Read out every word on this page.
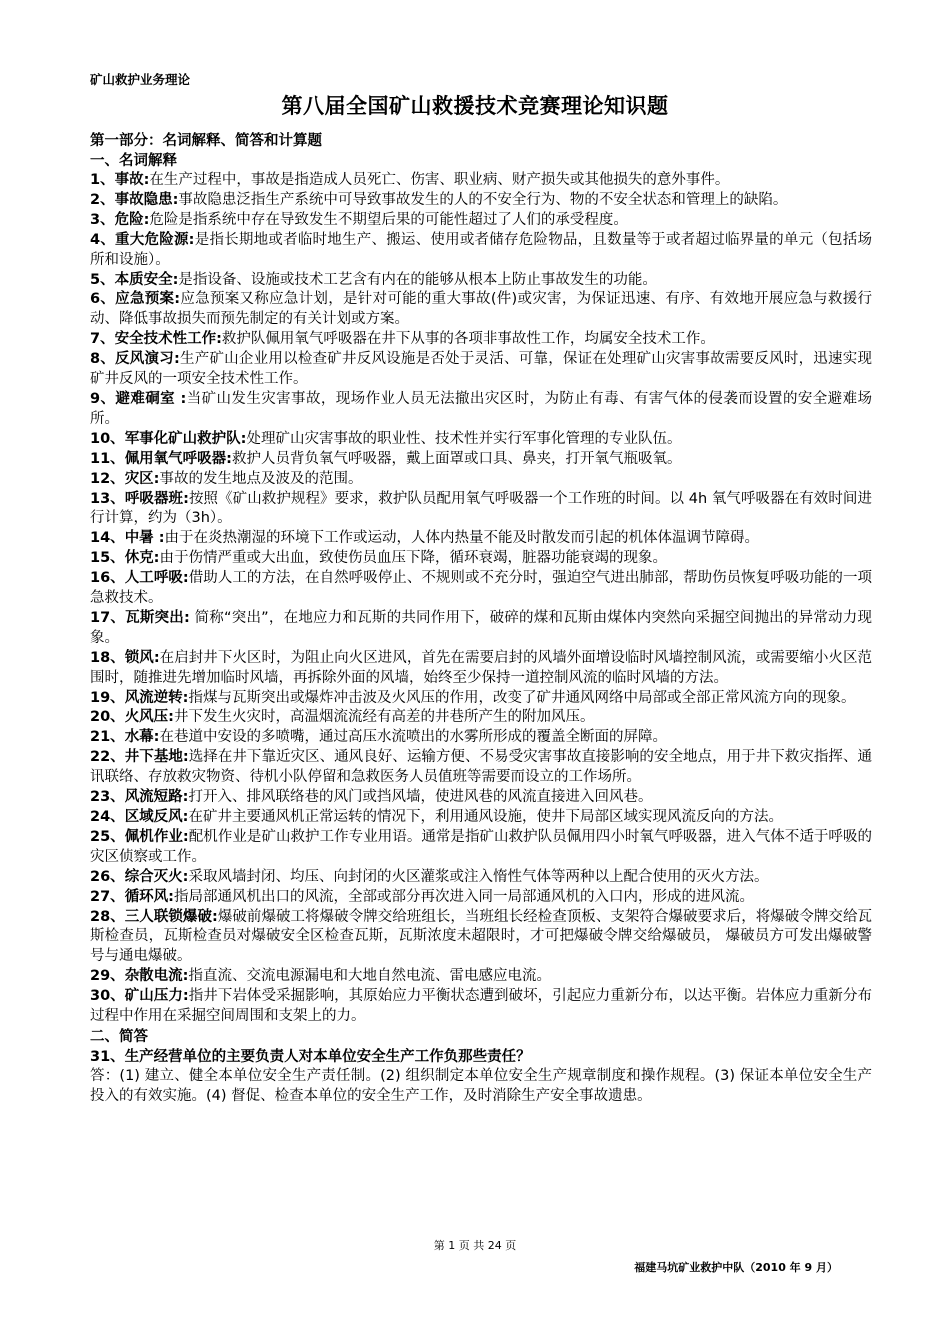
矿山救护业务理论
第八届全国矿山救援技术竞赛理论知识题

第一部分：名词解释、简答和计算题

一、名词解释

1、事故:在生产过程中，事故是指造成人员死亡、伤害、职业病、财产损失或其他损失的意外事件。

2、事故隐患:事故隐患泛指生产系统中可导致事故发生的人的不安全行为、物的不安全状态和管理上的缺陷。

3、危险:危险是指系统中存在导致发生不期望后果的可能性超过了人们的承受程度。

4、重大危险源:是指长期地或者临时地生产、搬运、使用或者储存危险物品，且数量等于或者超过临界量的单元（包括场所和设施）。

5、本质安全:是指设备、设施或技术工艺含有内在的能够从根本上防止事故发生的功能。

6、应急预案:应急预案又称应急计划，是针对可能的重大事故(件)或灾害，为保证迅速、有序、有效地开展应急与救援行动、降低事故损失而预先制定的有关计划或方案。

7、安全技术性工作:救护队佩用氧气呼吸器在井下从事的各项非事故性工作，均属安全技术工作。

8、反风演习:生产矿山企业用以检查矿井反风设施是否处于灵活、可靠，保证在处理矿山灾害事故需要反风时，迅速实现矿井反风的一项安全技术性工作。

9、避难硐室 :当矿山发生灾害事故，现场作业人员无法撤出灾区时，为防止有毒、有害气体的侵袭而设置的安全避难场所。

10、军事化矿山救护队:处理矿山灾害事故的职业性、技术性并实行军事化管理的专业队伍。

11、佩用氧气呼吸器:救护人员背负氧气呼吸器，戴上面罩或口具、鼻夹，打开氧气瓶吸氧。

12、灾区:事故的发生地点及波及的范围。

13、呼吸器班:按照《矿山救护规程》要求，救护队员配用氧气呼吸器一个工作班的时间。以 4h 氧气呼吸器在有效时间进行计算，约为（3h）。

14、中暑 :由于在炎热潮湿的环境下工作或运动，人体内热量不能及时散发而引起的机体体温调节障碍。

15、休克:由于伤情严重或大出血，致使伤员血压下降，循环衰竭，脏器功能衰竭的现象。

16、人工呼吸:借助人工的方法，在自然呼吸停止、不规则或不充分时，强迫空气进出肺部，帮助伤员恢复呼吸功能的一项急救技术。

17、瓦斯突出: 简称“突出”，在地应力和瓦斯的共同作用下，破碎的煤和瓦斯由煤体内突然向采掘空间抛出的异常动力现象。

18、锁风:在启封井下火区时，为阻止向火区进风，首先在需要启封的风墙外面增设临时风墙控制风流，或需要缩小火区范围时，随推进先增加临时风墙，再拆除外面的风墙，始终至少保持一道控制风流的临时风墙的方法。

19、风流逆转:指煤与瓦斯突出或爆炸冲击波及火风压的作用，改变了矿井通风网络中局部或全部正常风流方向的现象。

20、火风压:井下发生火灾时，高温烟流流经有高差的井巷所产生的附加风压。

21、水幕:在巷道中安设的多喷嘴，通过高压水流喷出的水雾所形成的覆盖全断面的屏障。

22、井下基地:选择在井下靠近灾区、通风良好、运输方便、不易受灾害事故直接影响的安全地点，用于井下救灾指挥、通讯联络、存放救灾物资、待机小队停留和急救医务人员值班等需要而设立的工作场所。

23、风流短路:打开入、排风联络巷的风门或挡风墙，使进风巷的风流直接进入回风巷。

24、区域反风:在矿井主要通风机正常运转的情况下，利用通风设施，使井下局部区域实现风流反向的方法。

25、佩机作业:配机作业是矿山救护工作专业用语。通常是指矿山救护队员佩用四小时氧气呼吸器，进入气体不适于呼吸的灾区侦察或工作。

26、综合灭火:采取风墙封闭、均压、向封闭的火区灌浆或注入惰性气体等两种以上配合使用的灭火方法。

27、循环风:指局部通风机出口的风流，全部或部分再次进入同一局部通风机的入口内，形成的进风流。

28、三人联锁爆破:爆破前爆破工将爆破令牌交给班组长，当班组长经检查顶板、支架符合爆破要求后，将爆破令牌交给瓦斯检查员，瓦斯检查员对爆破安全区检查瓦斯，瓦斯浓度未超限时，才可把爆破令牌交给爆破员， 爆破员方可发出爆破警号与通电爆破。

29、杂散电流:指直流、交流电源漏电和大地自然电流、雷电感应电流。

30、矿山压力:指井下岩体受采掘影响，其原始应力平衡状态遭到破坏，引起应力重新分布，以达平衡。岩体应力重新分布过程中作用在采掘空间周围和支架上的力。

二、简答

31、生产经营单位的主要负责人对本单位安全生产工作负那些责任？

答：(1) 建立、健全本单位安全生产责任制。(2) 组织制定本单位安全生产规章制度和操作规程。(3) 保证本单位安全生产投入的有效实施。(4) 督促、检查本单位的安全生产工作，及时消除生产安全事故遗患。

第 1 页 共 24 页
福建马坑矿业救护中队（2010 年 9 月）
